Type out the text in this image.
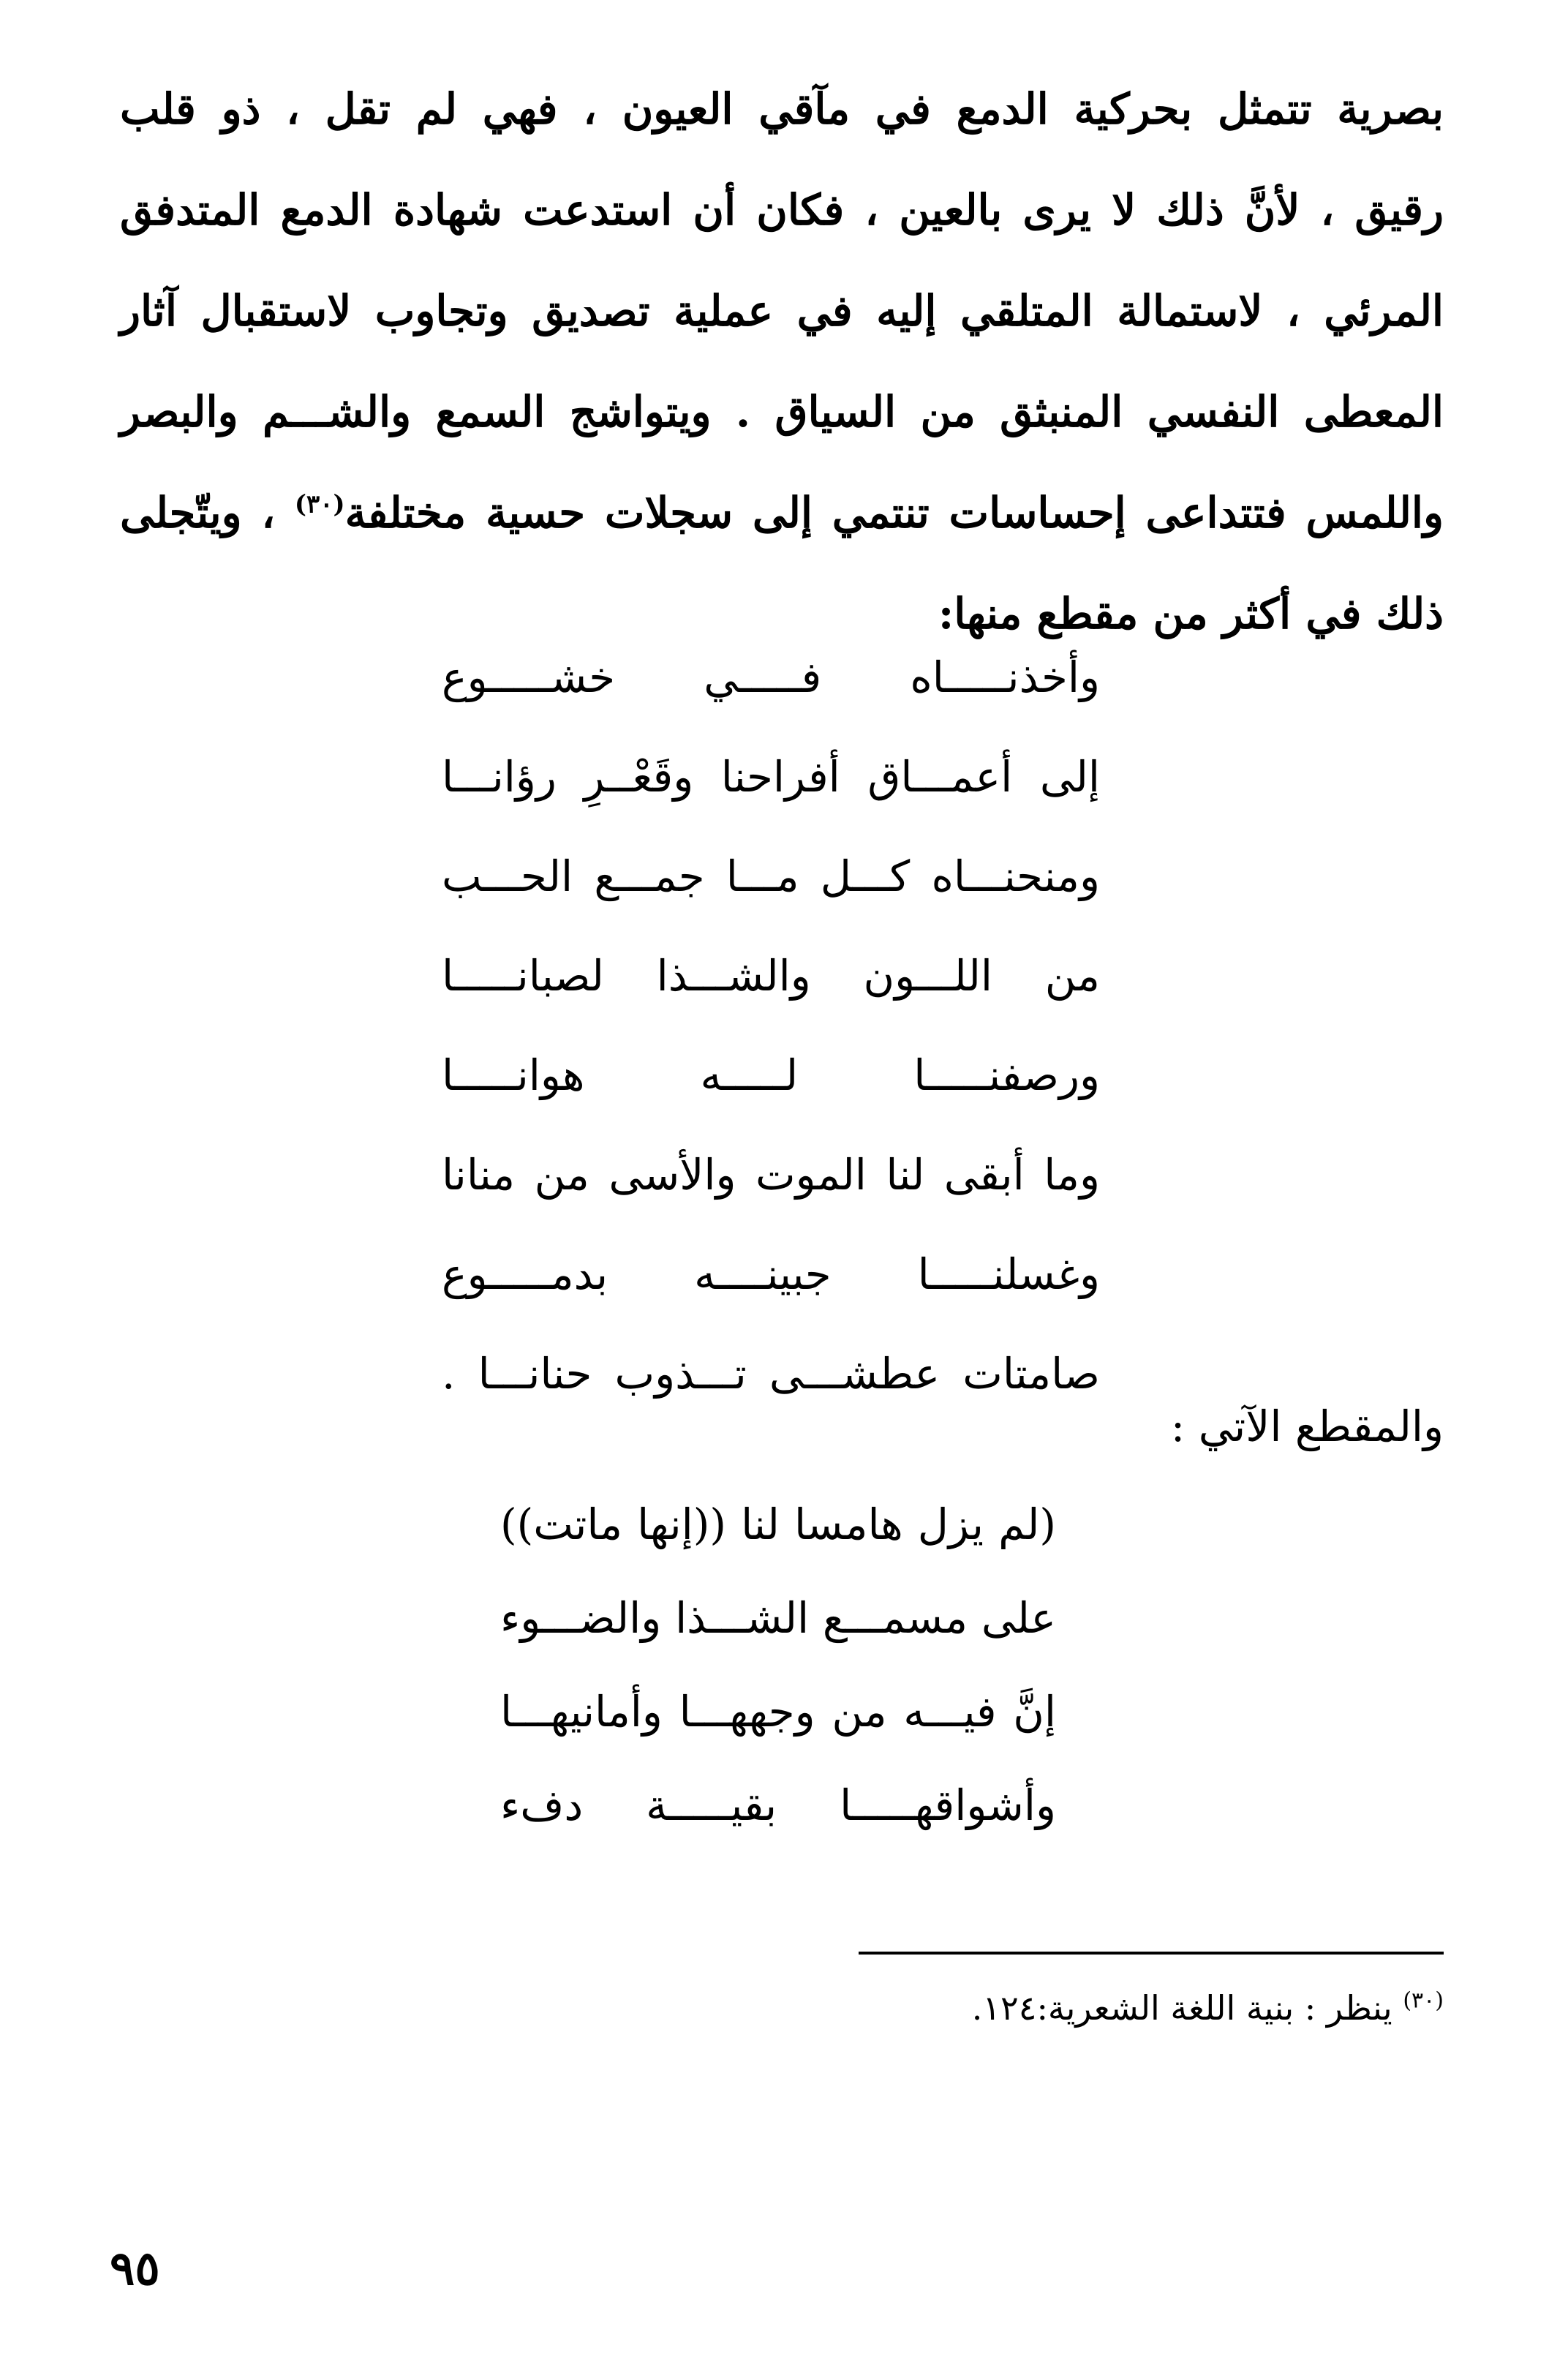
بصرية تتمثل بحركية الدمع في مآقي العيون ، فهي لم تقل ، ذو قلب
رقيق ، لأنَّ ذلك لا يرى بالعين ، فكان أن استدعت شهادة الدمع المتدفق
المرئي ، لاستمالة المتلقي إليه في عملية تصديق وتجاوب لاستقبال آثار
المعطى النفسي المنبثق من السياق . ويتواشج السمع والشـــم والبصر
واللمس فتتداعى إحساسات تنتمي إلى سجلات حسية مختلفة$^{(٣٠)}$ ، ويتّجلى
ذلك في أكثر من مقطع منها:
وأخذنـــــاه فـــــي خشـــــوع
إلى أعمـــاق أفراحنا وقَعْــرِ رؤانـــا
ومنحنـــاه كـــل مـــا جمـــع الحـــب
من اللـــون والشـــذا لصبانـــــا
ورصفنـــــا لـــــه هوانـــــا
وما أبقى لنا الموت والأسى من منانا
وغسلنـــــا جبينــــه بدمـــــوع
صامتات عطشـــى تـــذوب حنانـــا .
والمقطع الآتي :
(لم يزل هامسا لنا ((إنها ماتت))
على مسمـــع الشـــذا والضـــوء
إنَّ فيـــه من وجههـــا وأمانيهـــا
وأشواقهـــــا بقيـــــة دفء
$^{(٣٠)}$ ينظر : بنية اللغة الشعرية:١٢٤.
٩٥
